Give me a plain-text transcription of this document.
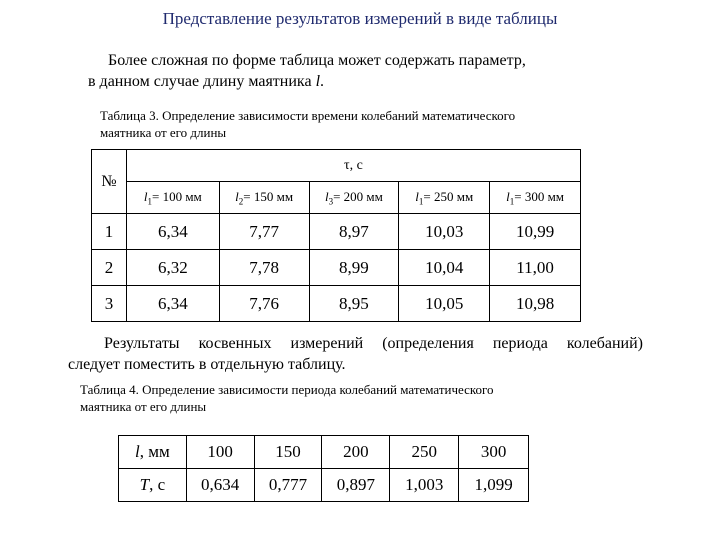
Представление результатов измерений в виде таблицы
Более сложная по форме таблица может содержать параметр,
в данном случае длину маятника l.
Таблица 3. Определение зависимости времени колебаний математического
маятника от его длины
№	τ, с				
	$l_1= 100$ мм	$l_2= 150$ мм	$l_3= 200$ мм	$l_1= 250$ мм	$l_1= 300$ мм
1	6,34	7,77	8,97	10,03	10,99
2	6,32	7,78	8,99	10,04	11,00
3	6,34	7,76	8,95	10,05	10,98
Результаты косвенных измерений (определения периода колебаний)
следует поместить в отдельную таблицу.
Таблица 4. Определение зависимости периода колебаний математического
маятника от его длины
l, мм	100	150	200	250	300
T, с	0,634	0,777	0,897	1,003	1,099
